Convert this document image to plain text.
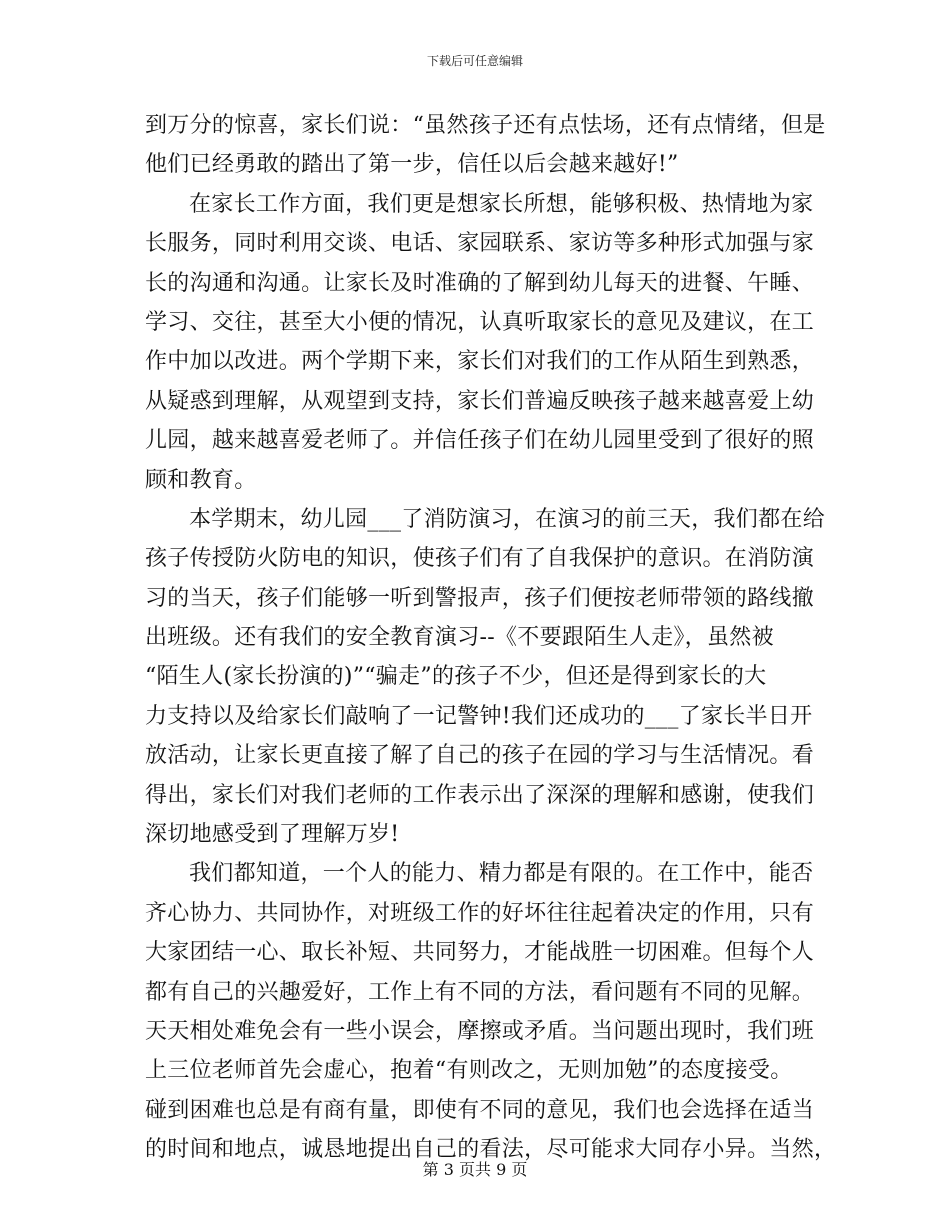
下载后可任意编辑
到万分的惊喜，家长们说：“虽然孩子还有点怯场，还有点情绪，但是
他们已经勇敢的踏出了第一步，信任以后会越来越好!”
在家长工作方面，我们更是想家长所想，能够积极、热情地为家
长服务，同时利用交谈、电话、家园联系、家访等多种形式加强与家
长的沟通和沟通。让家长及时准确的了解到幼儿每天的进餐、午睡、
学习、交往，甚至大小便的情况，认真听取家长的意见及建议，在工
作中加以改进。两个学期下来，家长们对我们的工作从陌生到熟悉，
从疑惑到理解，从观望到支持，家长们普遍反映孩子越来越喜爱上幼
儿园，越来越喜爱老师了。并信任孩子们在幼儿园里受到了很好的照
顾和教育。
本学期末，幼儿园___了消防演习，在演习的前三天，我们都在给
孩子传授防火防电的知识，使孩子们有了自我保护的意识。在消防演
习的当天，孩子们能够一听到警报声，孩子们便按老师带领的路线撤
出班级。还有我们的安全教育演习--《不要跟陌生人走》，虽然被
“陌生人(家长扮演的)”“骗走”的孩子不少，但还是得到家长的大
力支持以及给家长们敲响了一记警钟!我们还成功的___了家长半日开
放活动，让家长更直接了解了自己的孩子在园的学习与生活情况。看
得出，家长们对我们老师的工作表示出了深深的理解和感谢，使我们
深切地感受到了理解万岁!
我们都知道，一个人的能力、精力都是有限的。在工作中，能否
齐心协力、共同协作，对班级工作的好坏往往起着决定的作用，只有
大家团结一心、取长补短、共同努力，才能战胜一切困难。但每个人
都有自己的兴趣爱好，工作上有不同的方法，看问题有不同的见解。
天天相处难免会有一些小误会，摩擦或矛盾。当问题出现时，我们班
上三位老师首先会虚心，抱着“有则改之，无则加勉”的态度接受。
碰到困难也总是有商有量，即使有不同的意见，我们也会选择在适当
的时间和地点，诚恳地提出自己的看法，尽可能求大同存小异。当然，
第 3 页共 9 页
